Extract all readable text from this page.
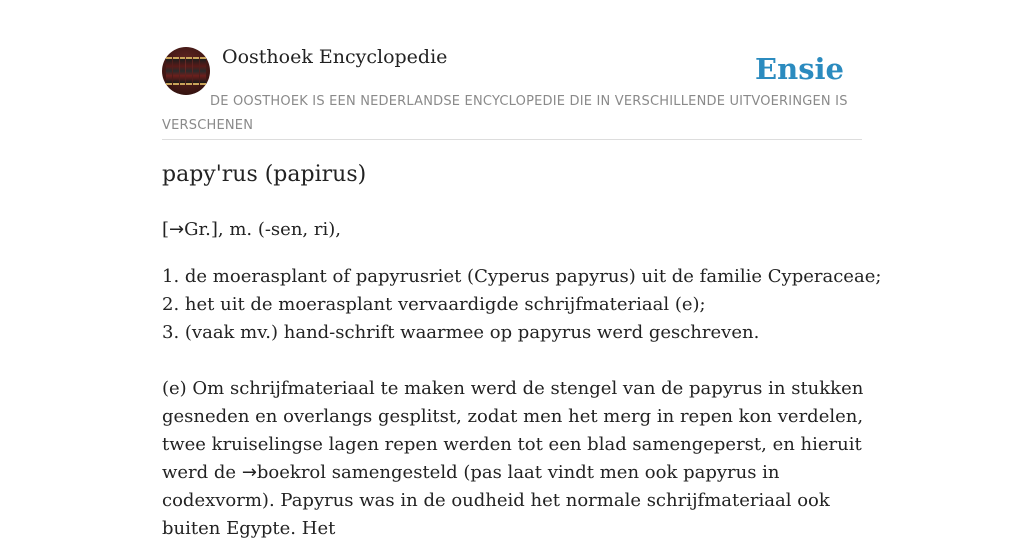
Oosthoek Encyclopedie	Ensie
DE OOSTHOEK IS EEN NEDERLANDSE ENCYCLOPEDIE DIE IN VERSCHILLENDE UITVOERINGEN IS VERSCHENEN
papy'rus (papirus)
[→Gr.], m. (-sen, ri),
1. de moerasplant of papyrusriet (Cyperus papyrus) uit de familie Cyperaceae;
2. het uit de moerasplant vervaardigde schrijfmateriaal (e);
3. (vaak mv.) hand-schrift waarmee op papyrus werd geschreven.

(e) Om schrijfmateriaal te maken werd de stengel van de papyrus in stukken gesneden en overlangs gesplitst, zodat men het merg in repen kon verdelen, twee kruiselingse lagen repen werden tot een blad samengeperst, en hieruit werd de →boekrol samengesteld (pas laat vindt men ook papyrus in codexvorm). Papyrus was in de oudheid het normale schrijfmateriaal ook buiten Egypte. Het
